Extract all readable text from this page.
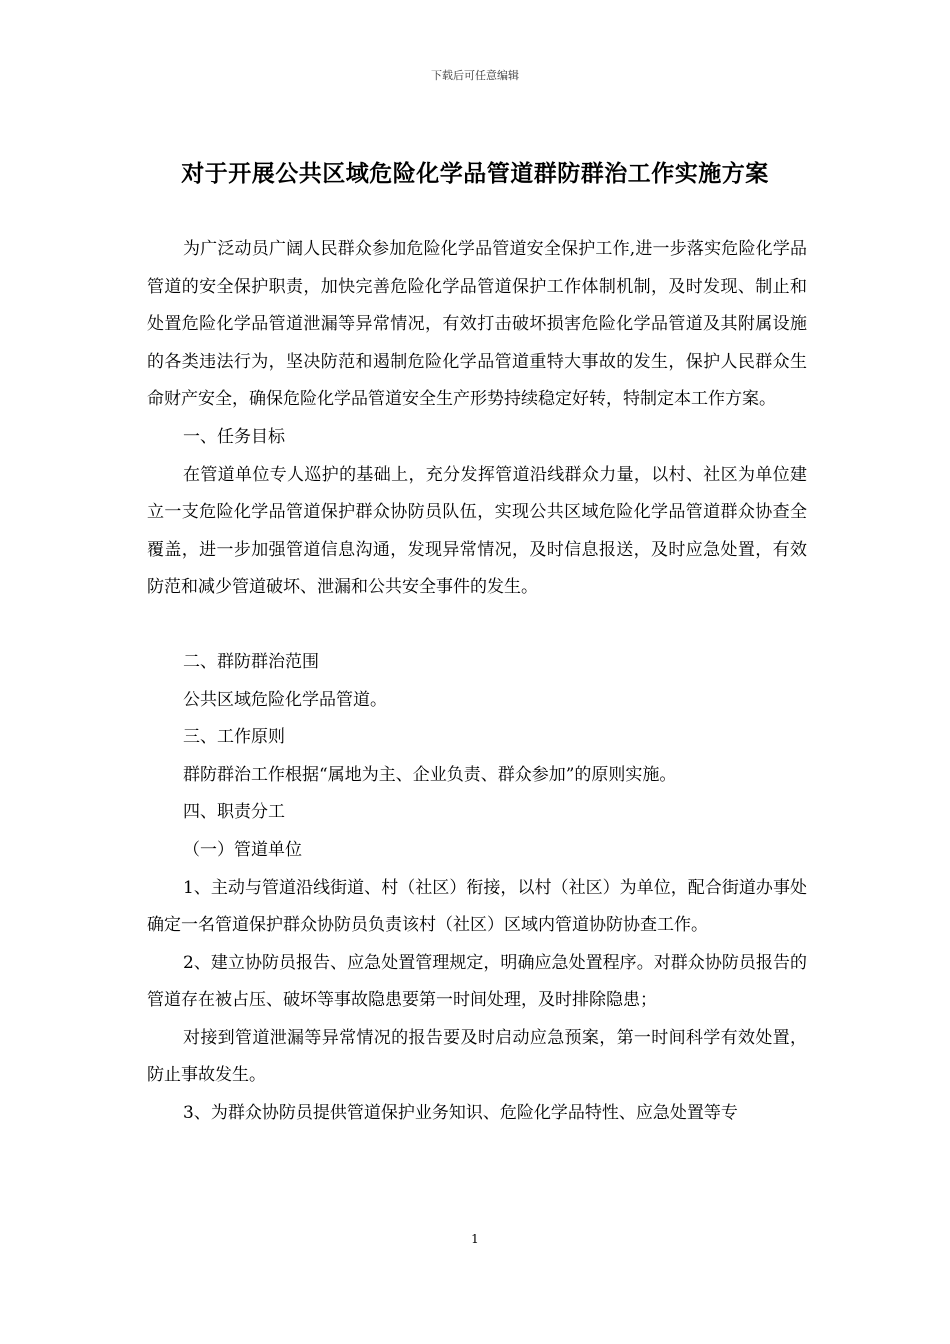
下载后可任意编辑
对于开展公共区域危险化学品管道群防群治工作实施方案

为广泛动员广阔人民群众参加危险化学品管道安全保护工作,进一步落实危险化学品管道的安全保护职责，加快完善危险化学品管道保护工作体制机制，及时发现、制止和处置危险化学品管道泄漏等异常情况，有效打击破坏损害危险化学品管道及其附属设施的各类违法行为，坚决防范和遏制危险化学品管道重特大事故的发生，保护人民群众生命财产安全，确保危险化学品管道安全生产形势持续稳定好转，特制定本工作方案。

一、任务目标

在管道单位专人巡护的基础上，充分发挥管道沿线群众力量，以村、社区为单位建立一支危险化学品管道保护群众协防员队伍，实现公共区域危险化学品管道群众协查全覆盖，进一步加强管道信息沟通，发现异常情况，及时信息报送，及时应急处置，有效防范和减少管道破坏、泄漏和公共安全事件的发生。

二、群防群治范围

公共区域危险化学品管道。

三、工作原则

群防群治工作根据“属地为主、企业负责、群众参加”的原则实施。

四、职责分工

（一）管道单位

1、主动与管道沿线街道、村（社区）衔接，以村（社区）为单位，配合街道办事处确定一名管道保护群众协防员负责该村（社区）区域内管道协防协查工作。

2、建立协防员报告、应急处置管理规定，明确应急处置程序。对群众协防员报告的管道存在被占压、破坏等事故隐患要第一时间处理，及时排除隐患；

对接到管道泄漏等异常情况的报告要及时启动应急预案，第一时间科学有效处置，防止事故发生。

3、为群众协防员提供管道保护业务知识、危险化学品特性、应急处置等专

1
